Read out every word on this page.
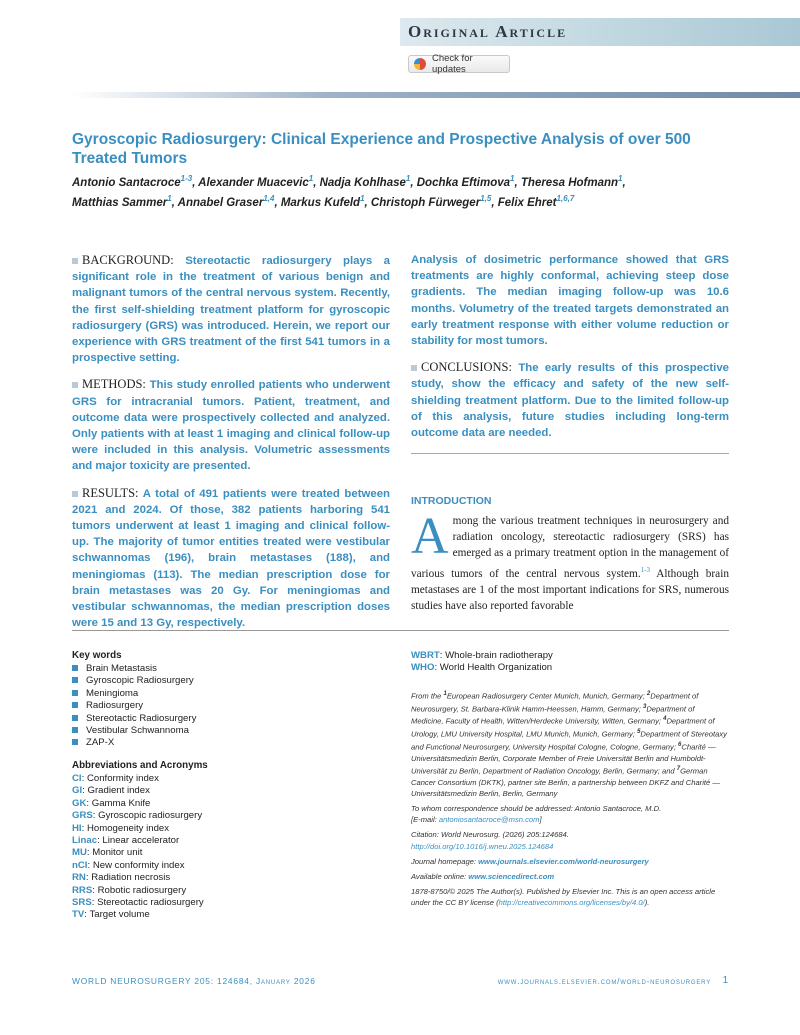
Original Article
Check for updates
Gyroscopic Radiosurgery: Clinical Experience and Prospective Analysis of over 500 Treated Tumors
Antonio Santacroce$^{1-3}$, Alexander Muacevic$^1$, Nadja Kohlhase$^1$, Dochka Eftimova$^1$, Theresa Hofmann$^1$,
Matthias Sammer$^1$, Annabel Graser$^{1,4}$, Markus Kufeld$^1$, Christoph Fürweger$^{1,5}$, Felix Ehret$^{1,6,7}$

BACKGROUND: Stereotactic radiosurgery plays a significant role in the treatment of various benign and malignant tumors of the central nervous system. Recently, the first self-shielding treatment platform for gyroscopic radiosurgery (GRS) was introduced. Herein, we report our experience with GRS treatment of the first 541 tumors in a prospective setting.

METHODS: This study enrolled patients who underwent GRS for intracranial tumors. Patient, treatment, and outcome data were prospectively collected and analyzed. Only patients with at least 1 imaging and clinical follow-up were included in this analysis. Volumetric assessments and major toxicity are presented.

RESULTS: A total of 491 patients were treated between 2021 and 2024. Of those, 382 patients harboring 541 tumors underwent at least 1 imaging and clinical follow-up. The majority of tumor entities treated were vestibular schwannomas (196), brain metastases (188), and meningiomas (113). The median prescription dose for brain metastases was 20 Gy. For meningiomas and vestibular schwannomas, the median prescription doses were 15 and 13 Gy, respectively.

Analysis of dosimetric performance showed that GRS treatments are highly conformal, achieving steep dose gradients. The median imaging follow-up was 10.6 months. Volumetry of the treated targets demonstrated an early treatment response with either volume reduction or stability for most tumors.

CONCLUSIONS: The early results of this prospective study, show the efficacy and safety of the new self-shielding treatment platform. Due to the limited follow-up of this analysis, future studies including long-term outcome data are needed.

INTRODUCTION
Among the various treatment techniques in neurosurgery and radiation oncology, stereotactic radiosurgery (SRS) has emerged as a primary treatment option in the management of various tumors of the central nervous system.$^{1-3}$ Although brain metastases are 1 of the most important indications for SRS, numerous studies have also reported favorable
Key words
Brain Metastasis
Gyroscopic Radiosurgery
Meningioma
Radiosurgery
Stereotactic Radiosurgery
Vestibular Schwannoma
ZAP-X
Abbreviations and Acronyms
CI: Conformity index
GI: Gradient index
GK: Gamma Knife
GRS: Gyroscopic radiosurgery
HI: Homogeneity index
Linac: Linear accelerator
MU: Monitor unit
nCI: New conformity index
RN: Radiation necrosis
RRS: Robotic radiosurgery
SRS: Stereotactic radiosurgery
TV: Target volume
WBRT: Whole-brain radiotherapy
WHO: World Health Organization

From the $^1$European Radiosurgery Center Munich, Munich, Germany; $^2$Department of Neurosurgery, St. Barbara-Klinik Hamm-Heessen, Hamm, Germany; $^3$Department of Medicine, Faculty of Health, Witten/Herdecke University, Witten, Germany; $^4$Department of Urology, LMU University Hospital, LMU Munich, Munich, Germany; $^5$Department of Stereotaxy and Functional Neurosurgery, University Hospital Cologne, Cologne, Germany; $^6$Charité — Universitätsmedizin Berlin, Corporate Member of Freie Universität Berlin and Humboldt-Universität zu Berlin, Department of Radiation Oncology, Berlin, Germany; and $^7$German Cancer Consortium (DKTK), partner site Berlin, a partnership between DKFZ and Charité — Universitätsmedizin Berlin, Berlin, Germany

To whom correspondence should be addressed: Antonio Santacroce, M.D.
[E-mail: antoniosantacroce@msn.com]

Citation: World Neurosurg. (2026) 205:124684.
http://doi.org/10.1016/j.wneu.2025.124684

Journal homepage: www.journals.elsevier.com/world-neurosurgery

Available online: www.sciencedirect.com

1878-8750/© 2025 The Author(s). Published by Elsevier Inc. This is an open access article under the CC BY license (http://creativecommons.org/licenses/by/4.0/).

WORLD NEUROSURGERY 205: 124684, January 2026	www.journals.elsevier.com/world-neurosurgery 1
